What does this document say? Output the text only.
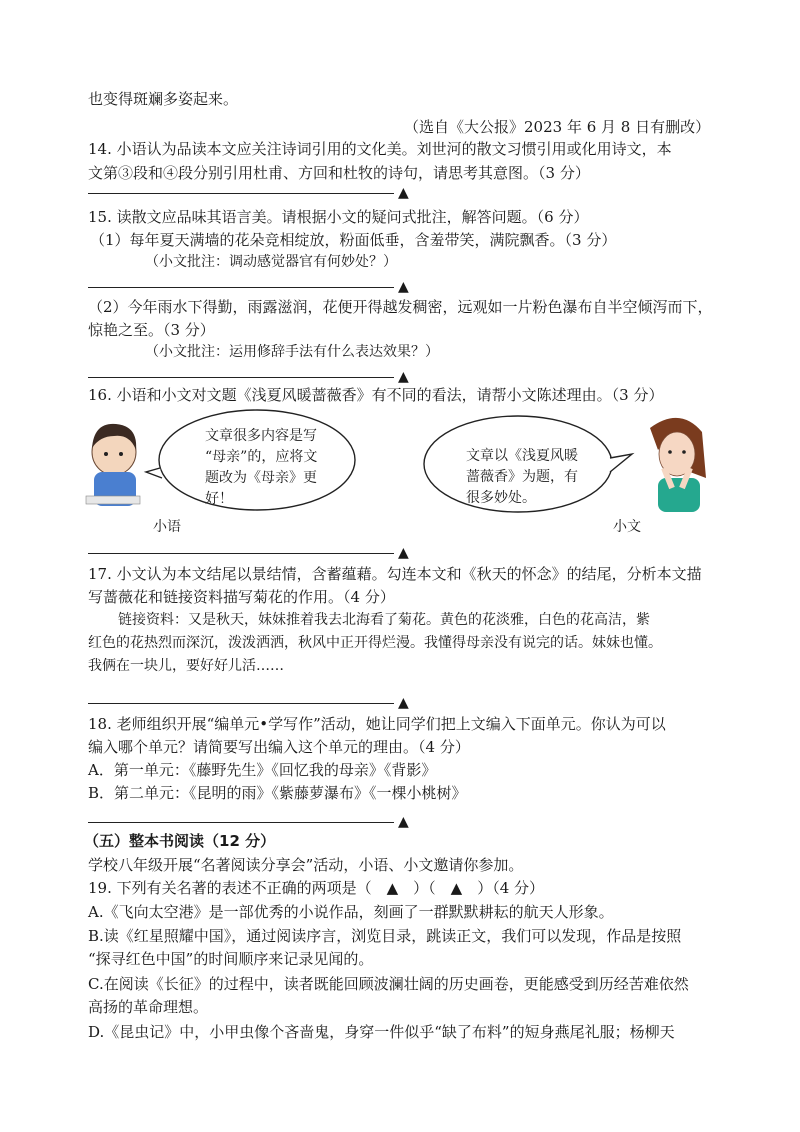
也变得斑斓多姿起来。
（选自《大公报》2023 年 6 月 8 日有删改）
14. 小语认为品读本文应关注诗词引用的文化美。刘世河的散文习惯引用或化用诗文，本
文第③段和④段分别引用杜甫、方回和杜牧的诗句，请思考其意图。（3 分）
▲
15. 读散文应品味其语言美。请根据小文的疑问式批注，解答问题。（6 分）
（1）每年夏天满墙的花朵竞相绽放，粉面低垂，含羞带笑，满院飘香。（3 分）
（小文批注：调动感觉器官有何妙处？）
▲
（2）今年雨水下得勤，雨露滋润，花便开得越发稠密，远观如一片粉色瀑布自半空倾泻而下，
惊艳之至。（3 分）
（小文批注：运用修辞手法有什么表达效果？）
▲
16. 小语和小文对文题《浅夏风暖蔷薇香》有不同的看法，请帮小文陈述理由。（3 分）
文章很多内容是写
“母亲”的，应将文
题改为《母亲》更
好！
文章以《浅夏风暖
蔷薇香》为题，有
很多妙处。
小语	小文
▲
17. 小文认为本文结尾以景结情，含蓄蕴藉。勾连本文和《秋天的怀念》的结尾，分析本文描
写蔷薇花和链接资料描写菊花的作用。（4 分）
链接资料：又是秋天，妹妹推着我去北海看了菊花。黄色的花淡雅，白色的花高洁，紫
红色的花热烈而深沉，泼泼洒洒，秋风中正开得烂漫。我懂得母亲没有说完的话。妹妹也懂。
我俩在一块儿，要好好儿活……
▲
18. 老师组织开展“编单元•学写作”活动，她让同学们把上文编入下面单元。你认为可以
编入哪个单元？请简要写出编入这个单元的理由。（4 分）
A．第一单元：《藤野先生》《回忆我的母亲》《背影》
B．第二单元：《昆明的雨》《紫藤萝瀑布》《一棵小桃树》
▲
（五）整本书阅读（12 分）
学校八年级开展“名著阅读分享会”活动，小语、小文邀请你参加。
19. 下列有关名著的表述不正确的两项是（　▲　）（　▲　）（4 分）
A.《飞向太空港》是一部优秀的小说作品，刻画了一群默默耕耘的航天人形象。
B.读《红星照耀中国》，通过阅读序言，浏览目录，跳读正文，我们可以发现，作品是按照
“探寻红色中国”的时间顺序来记录见闻的。
C.在阅读《长征》的过程中，读者既能回顾波澜壮阔的历史画卷，更能感受到历经苦难依然
高扬的革命理想。
D.《昆虫记》中，小甲虫像个吝啬鬼，身穿一件似乎“缺了布料”的短身燕尾礼服；杨柳天
